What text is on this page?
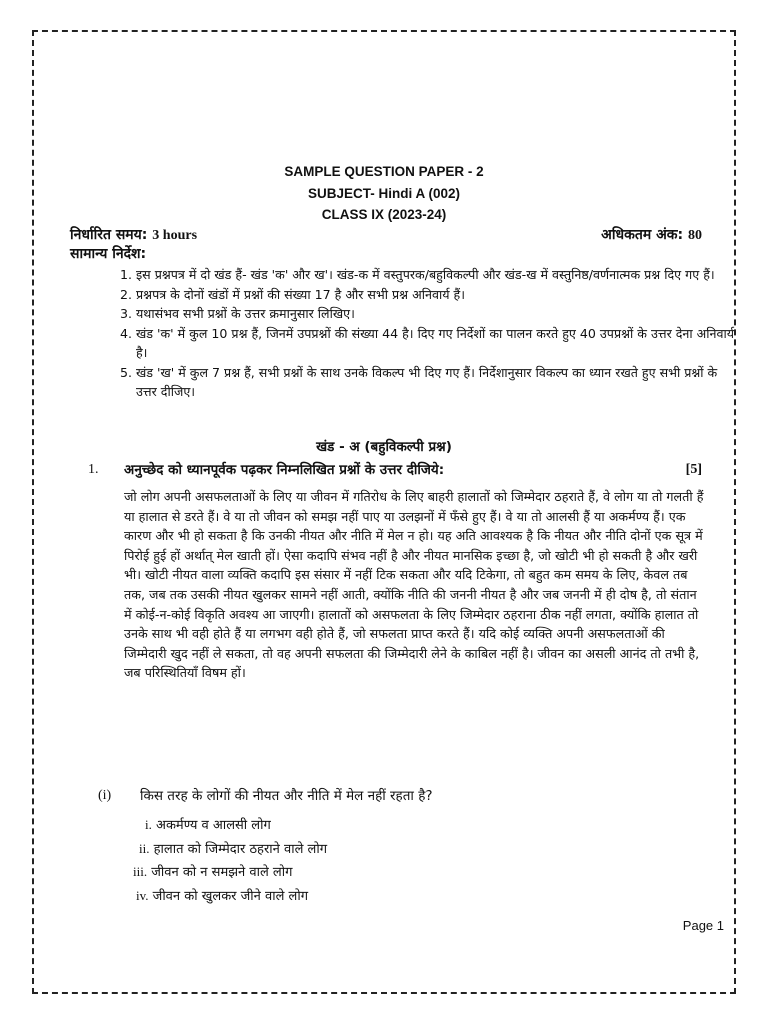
SAMPLE QUESTION PAPER - 2
SUBJECT- Hindi A (002)
CLASS IX (2023-24)
निर्धारित समय: 3 hours	अधिकतम अंक: 80
सामान्य निर्देश:
1. इस प्रश्नपत्र में दो खंड हैं- खंड 'क' और ख'। खंड-क में वस्तुपरक/बहुविकल्पी और खंड-ख में वस्तुनिष्ठ/वर्णनात्मक प्रश्न दिए गए हैं।
2. प्रश्नपत्र के दोनों खंडों में प्रश्नों की संख्या 17 है और सभी प्रश्न अनिवार्य हैं।
3. यथासंभव सभी प्रश्नों के उत्तर क्रमानुसार लिखिए।
4. खंड 'क' में कुल 10 प्रश्न हैं, जिनमें उपप्रश्नों की संख्या 44 है। दिए गए निर्देशों का पालन करते हुए 40 उपप्रश्नों के उत्तर देना अनिवार्य है।
5. खंड 'ख' में कुल 7 प्रश्न हैं, सभी प्रश्नों के साथ उनके विकल्प भी दिए गए हैं। निर्देशानुसार विकल्प का ध्यान रखते हुए सभी प्रश्नों के उत्तर दीजिए।
खंड - अ (बहुविकल्पी प्रश्न)
1. अनुच्छेद को ध्यानपूर्वक पढ़कर निम्नलिखित प्रश्नों के उत्तर दीजिये:	[5]

जो लोग अपनी असफलताओं के लिए या जीवन में गतिरोध के लिए बाहरी हालातों को जिम्मेदार ठहराते हैं, वे लोग या तो गलती हैं या हालात से डरते हैं। वे या तो जीवन को समझ नहीं पाए या उलझनों में फँसे हुए हैं। वे या तो आलसी हैं या अकर्मण्य हैं। एक कारण और भी हो सकता है कि उनकी नीयत और नीति में मेल न हो। यह अति आवश्यक है कि नीयत और नीति दोनों एक सूत्र में पिरोई हुई हों अर्थात् मेल खाती हों। ऐसा कदापि संभव नहीं है और नीयत मानसिक इच्छा है, जो खोटी भी हो सकती है और खरी भी। खोटी नीयत वाला व्यक्ति कदापि इस संसार में नहीं टिक सकता और यदि टिकेगा, तो बहुत कम समय के लिए, केवल तब तक, जब तक उसकी नीयत खुलकर सामने नहीं आती, क्योंकि नीति की जननी नीयत है और जब जननी में ही दोष है, तो संतान में कोई-न-कोई विकृति अवश्य आ जाएगी। हालातों को असफलता के लिए जिम्मेदार ठहराना ठीक नहीं लगता, क्योंकि हालात तो उनके साथ भी वही होते हैं या लगभग वही होते हैं, जो सफलता प्राप्त करते हैं। यदि कोई व्यक्ति अपनी असफलताओं की जिम्मेदारी खुद नहीं ले सकता, तो वह अपनी सफलता की जिम्मेदारी लेने के काबिल नहीं है। जीवन का असली आनंद तो तभी है, जब परिस्थितियाँ विषम हों।

(i) किस तरह के लोगों की नीयत और नीति में मेल नहीं रहता है?
i. अकर्मण्य व आलसी लोग
ii. हालात को जिम्मेदार ठहराने वाले लोग
iii. जीवन को न समझने वाले लोग
iv. जीवन को खुलकर जीने वाले लोग
Page 1
